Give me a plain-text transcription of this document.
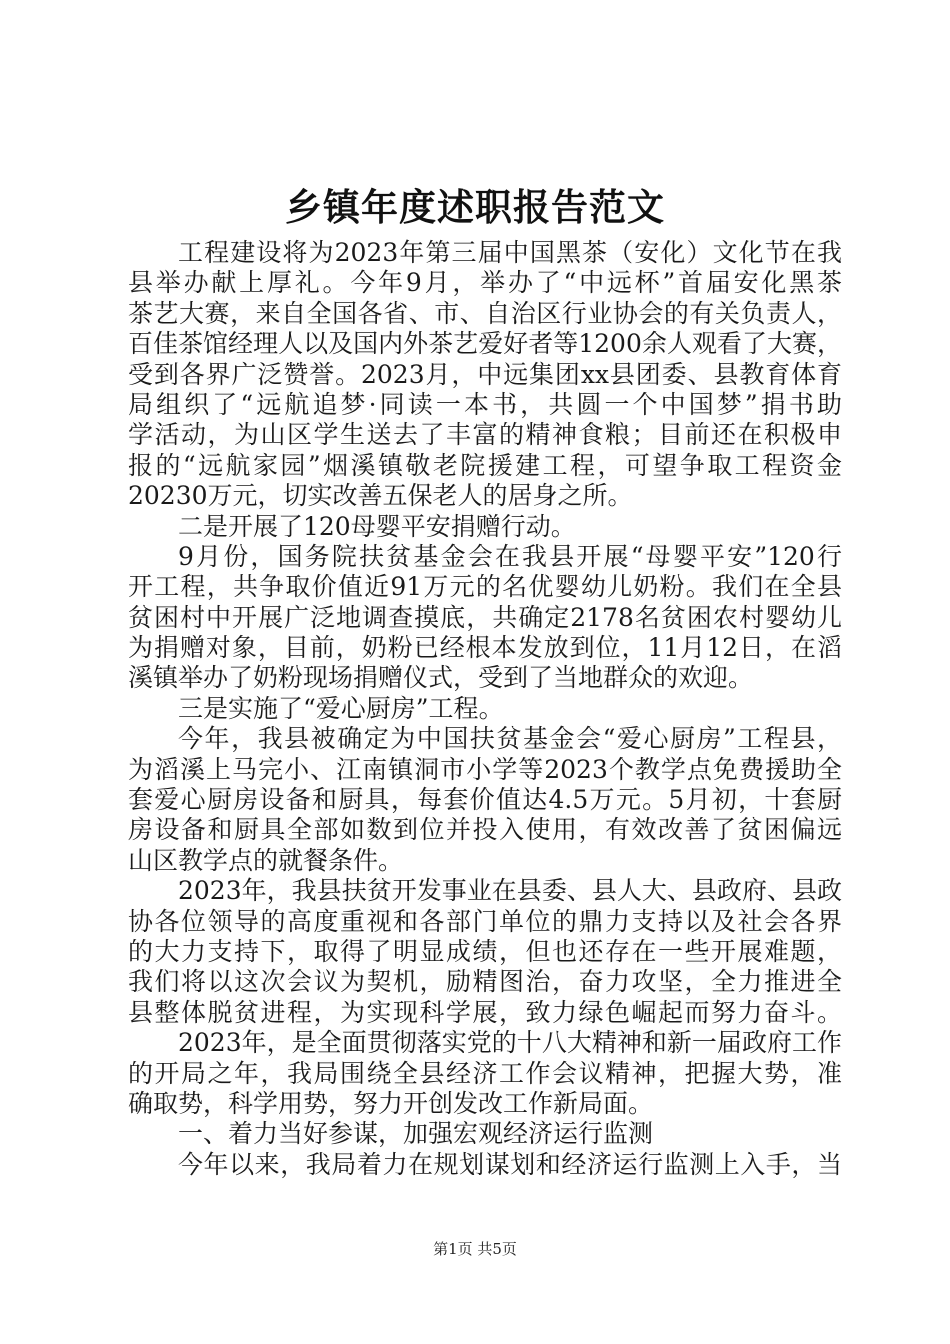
乡镇年度述职报告范文
工程建设将为2023年第三届中国黑茶（安化）文化节在我
县举办献上厚礼。今年9月，举办了“中远杯”首届安化黑茶
茶艺大赛，来自全国各省、市、自治区行业协会的有关负责人，
百佳茶馆经理人以及国内外茶艺爱好者等1200余人观看了大赛，
受到各界广泛赞誉。2023月，中远集团xx县团委、县教育体育
局组织了“远航追梦·同读一本书，共圆一个中国梦”捐书助
学活动，为山区学生送去了丰富的精神食粮；目前还在积极申
报的“远航家园”烟溪镇敬老院援建工程，可望争取工程资金
20230万元，切实改善五保老人的居身之所。
二是开展了120母婴平安捐赠行动。
9月份，国务院扶贫基金会在我县开展“母婴平安”120行
开工程，共争取价值近91万元的名优婴幼儿奶粉。我们在全县
贫困村中开展广泛地调查摸底，共确定2178名贫困农村婴幼儿
为捐赠对象，目前，奶粉已经根本发放到位，11月12日，在滔
溪镇举办了奶粉现场捐赠仪式，受到了当地群众的欢迎。
三是实施了“爱心厨房”工程。
今年，我县被确定为中国扶贫基金会“爱心厨房”工程县，
为滔溪上马完小、江南镇洞市小学等2023个教学点免费援助全
套爱心厨房设备和厨具，每套价值达4.5万元。5月初，十套厨
房设备和厨具全部如数到位并投入使用，有效改善了贫困偏远
山区教学点的就餐条件。
2023年，我县扶贫开发事业在县委、县人大、县政府、县政
协各位领导的高度重视和各部门单位的鼎力支持以及社会各界
的大力支持下，取得了明显成绩，但也还存在一些开展难题，
我们将以这次会议为契机，励精图治，奋力攻坚，全力推进全
县整体脱贫进程，为实现科学展，致力绿色崛起而努力奋斗。
2023年，是全面贯彻落实党的十八大精神和新一届政府工作
的开局之年，我局围绕全县经济工作会议精神，把握大势，准
确取势，科学用势，努力开创发改工作新局面。
一、着力当好参谋，加强宏观经济运行监测
今年以来，我局着力在规划谋划和经济运行监测上入手，当
第1页 共5页
